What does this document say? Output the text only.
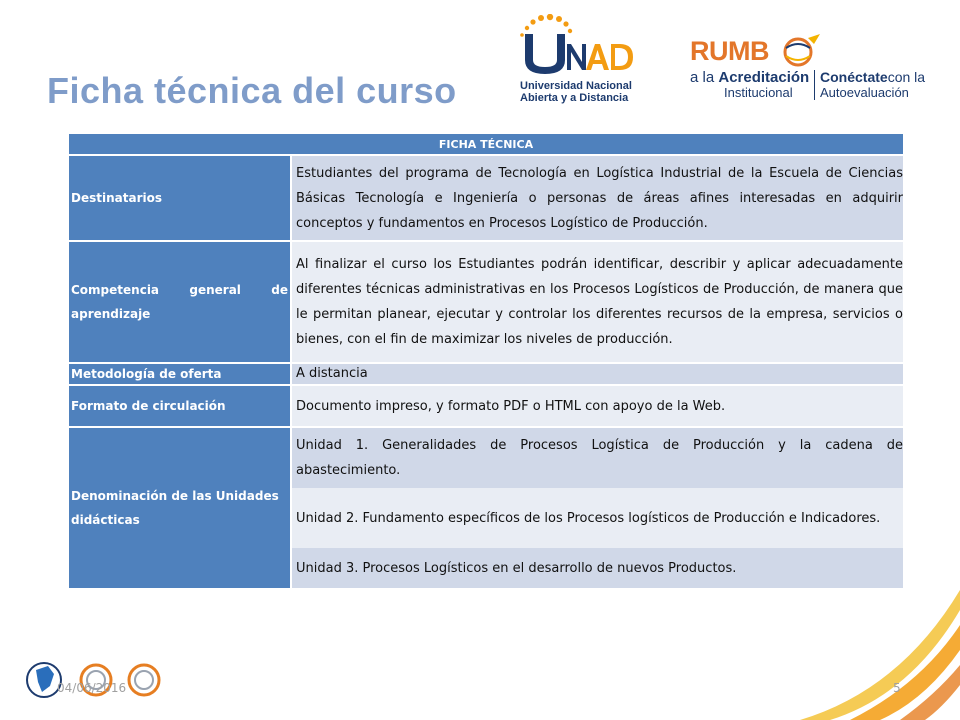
Ficha técnica del curso	Universidad Nacional
Abierta y a Distancia
RUMB
a la Acreditación
Institucional
Conéctatecon la
Autoevaluación
FICHA TÉCNICA	
Destinatarios	Estudiantes del programa de Tecnología en Logística Industrial de la Escuela de Ciencias Básicas Tecnología e Ingeniería o personas de áreas afines interesadas en adquirir conceptos y fundamentos en Procesos Logístico de Producción.
Competencia general de aprendizaje	Al finalizar el curso los Estudiantes podrán identificar, describir y aplicar adecuadamente diferentes técnicas administrativas en los Procesos Logísticos de Producción, de manera que le permitan planear, ejecutar y controlar los diferentes recursos de la empresa, servicios o bienes, con el fin de maximizar los niveles de producción.
Metodología de oferta	A distancia
Formato de circulación	Documento impreso, y formato PDF o HTML con apoyo de la Web.
Denominación de las Unidades didácticas	Unidad 1. Generalidades de Procesos Logística de Producción y la cadena de abastecimiento.
	Unidad 2. Fundamento específicos de los Procesos logísticos de Producción e Indicadores.
	Unidad 3. Procesos Logísticos en el desarrollo de nuevos Productos.
04/06/2016	5
